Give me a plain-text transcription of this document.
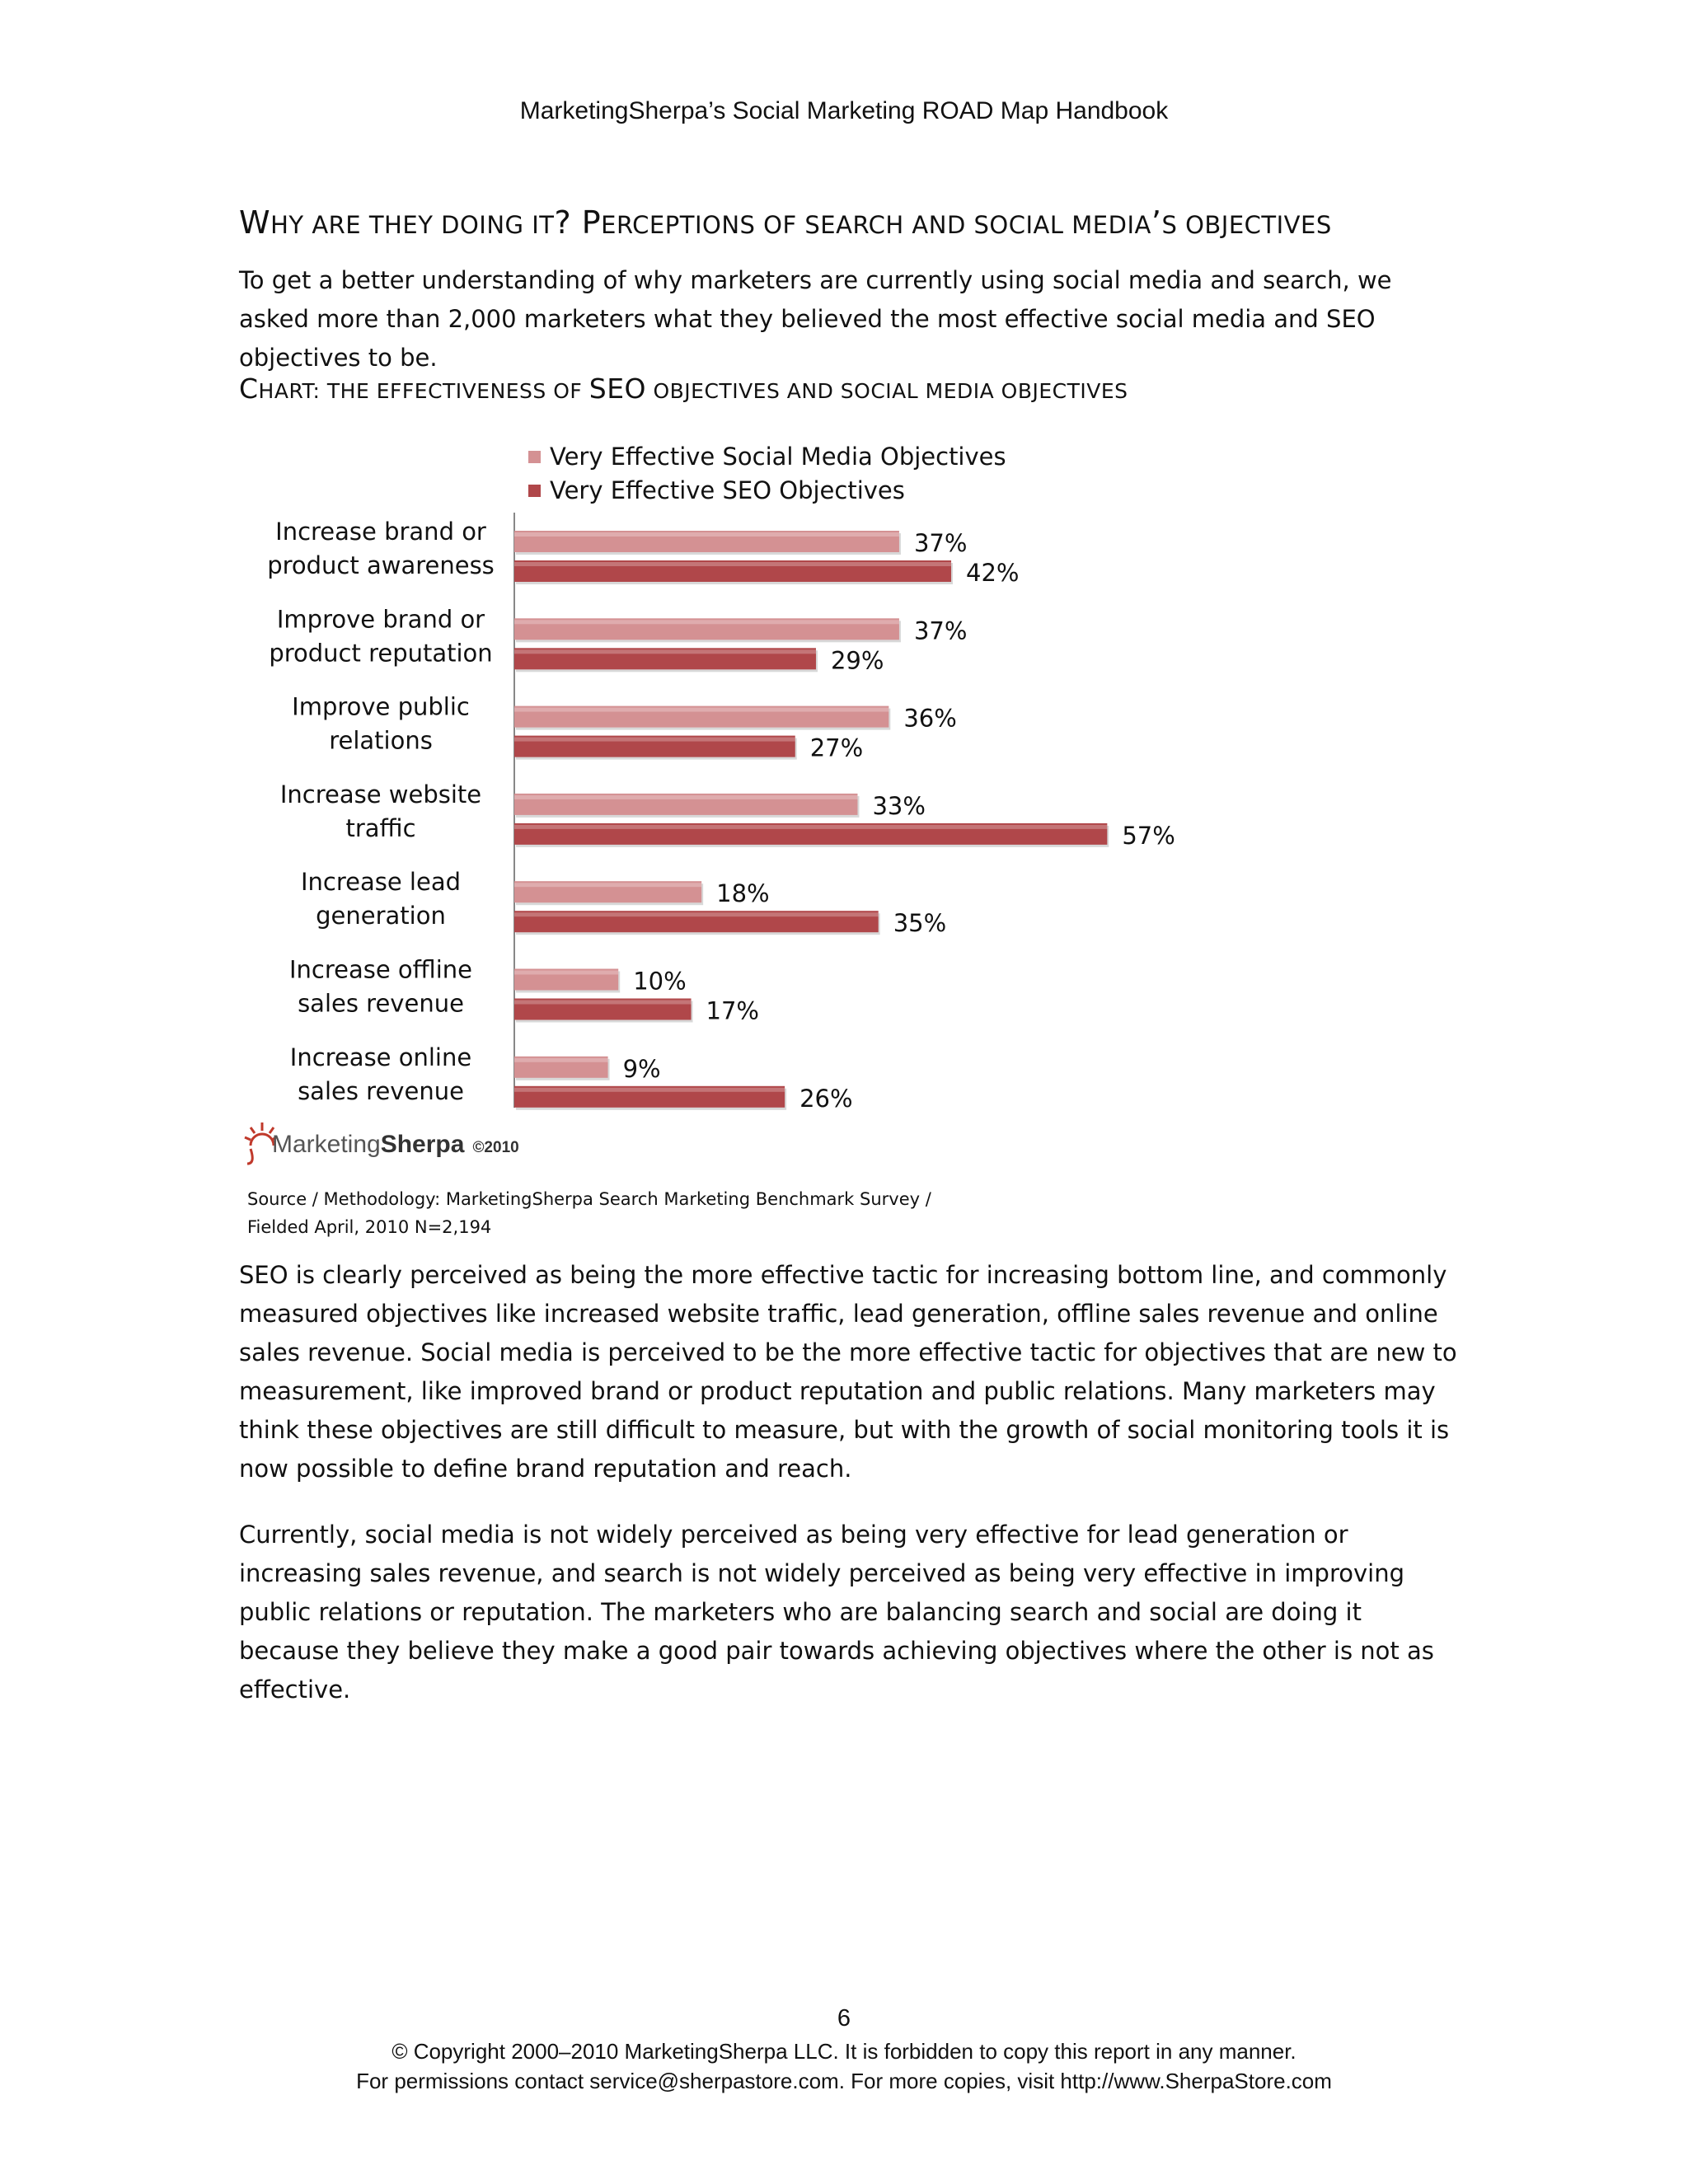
MarketingSherpa’s Social Marketing ROAD Map Handbook
WHY ARE THEY DOING IT? PERCEPTIONS OF SEARCH AND SOCIAL MEDIA’S OBJECTIVES
To get a better understanding of why marketers are currently using social media and search, we asked more than 2,000 marketers what they believed the most effective social media and SEO objectives to be.
CHART: THE EFFECTIVENESS OF SEO OBJECTIVES AND SOCIAL MEDIA OBJECTIVES
Very Effective Social Media Objectives
Very Effective SEO Objectives
Increase brand or
product awareness
37%
42%
Improve brand or
product reputation
37%
29%
Improve public
relations
36%
27%
Increase website
traffic
33%
57%
Increase lead
generation
18%
35%
Increase offline
sales revenue
10%
17%
Increase online
sales revenue
9%
26%
MarketingSherpa ©2010
Source / Methodology: MarketingSherpa Search Marketing Benchmark Survey /
Fielded April, 2010 N=2,194
SEO is clearly perceived as being the more effective tactic for increasing bottom line, and commonly measured objectives like increased website traffic, lead generation, offline sales revenue and online sales revenue. Social media is perceived to be the more effective tactic for objectives that are new to measurement, like improved brand or product reputation and public relations. Many marketers may think these objectives are still difficult to measure, but with the growth of social monitoring tools it is now possible to define brand reputation and reach.
Currently, social media is not widely perceived as being very effective for lead generation or increasing sales revenue, and search is not widely perceived as being very effective in improving public relations or reputation. The marketers who are balancing search and social are doing it because they believe they make a good pair towards achieving objectives where the other is not as effective.
6
© Copyright 2000–2010 MarketingSherpa LLC. It is forbidden to copy this report in any manner.
For permissions contact service@sherpastore.com. For more copies, visit http://www.SherpaStore.com
